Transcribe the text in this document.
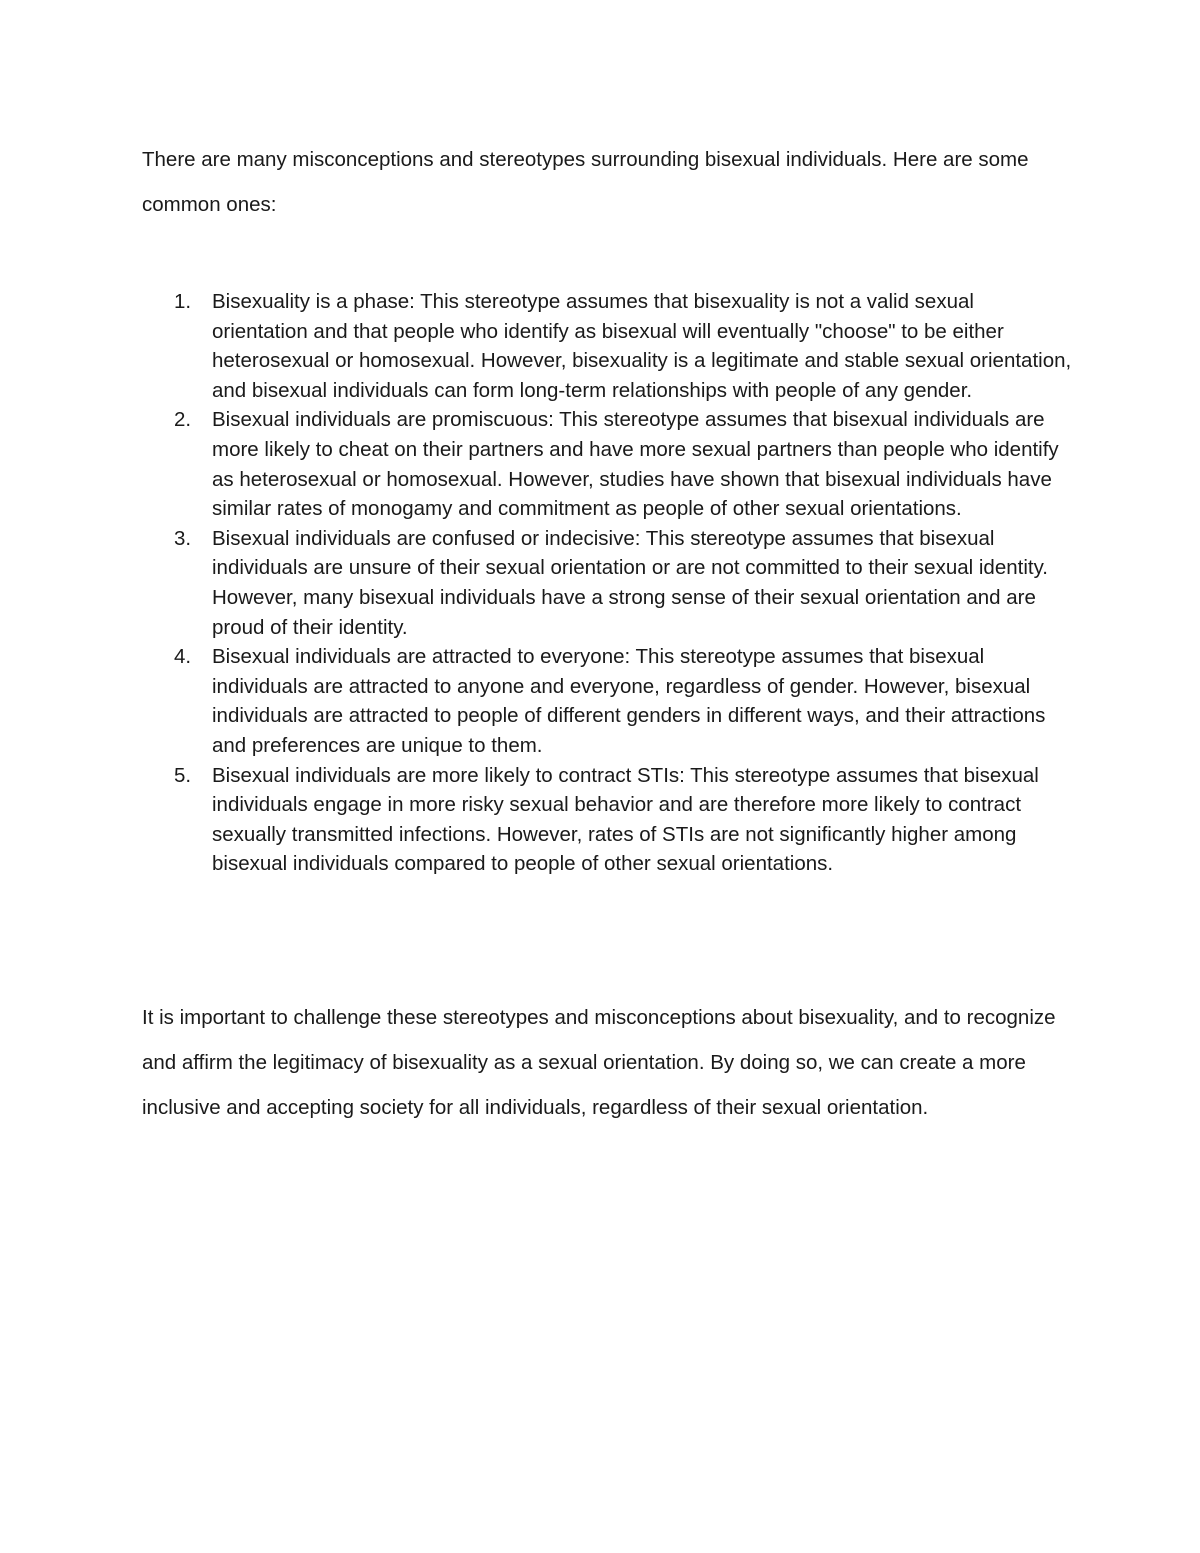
There are many misconceptions and stereotypes surrounding bisexual individuals. Here are some common ones:

1. Bisexuality is a phase: This stereotype assumes that bisexuality is not a valid sexual orientation and that people who identify as bisexual will eventually "choose" to be either heterosexual or homosexual. However, bisexuality is a legitimate and stable sexual orientation, and bisexual individuals can form long-term relationships with people of any gender.
2. Bisexual individuals are promiscuous: This stereotype assumes that bisexual individuals are more likely to cheat on their partners and have more sexual partners than people who identify as heterosexual or homosexual. However, studies have shown that bisexual individuals have similar rates of monogamy and commitment as people of other sexual orientations.
3. Bisexual individuals are confused or indecisive: This stereotype assumes that bisexual individuals are unsure of their sexual orientation or are not committed to their sexual identity. However, many bisexual individuals have a strong sense of their sexual orientation and are proud of their identity.
4. Bisexual individuals are attracted to everyone: This stereotype assumes that bisexual individuals are attracted to anyone and everyone, regardless of gender. However, bisexual individuals are attracted to people of different genders in different ways, and their attractions and preferences are unique to them.
5. Bisexual individuals are more likely to contract STIs: This stereotype assumes that bisexual individuals engage in more risky sexual behavior and are therefore more likely to contract sexually transmitted infections. However, rates of STIs are not significantly higher among bisexual individuals compared to people of other sexual orientations.

It is important to challenge these stereotypes and misconceptions about bisexuality, and to recognize and affirm the legitimacy of bisexuality as a sexual orientation. By doing so, we can create a more inclusive and accepting society for all individuals, regardless of their sexual orientation.
